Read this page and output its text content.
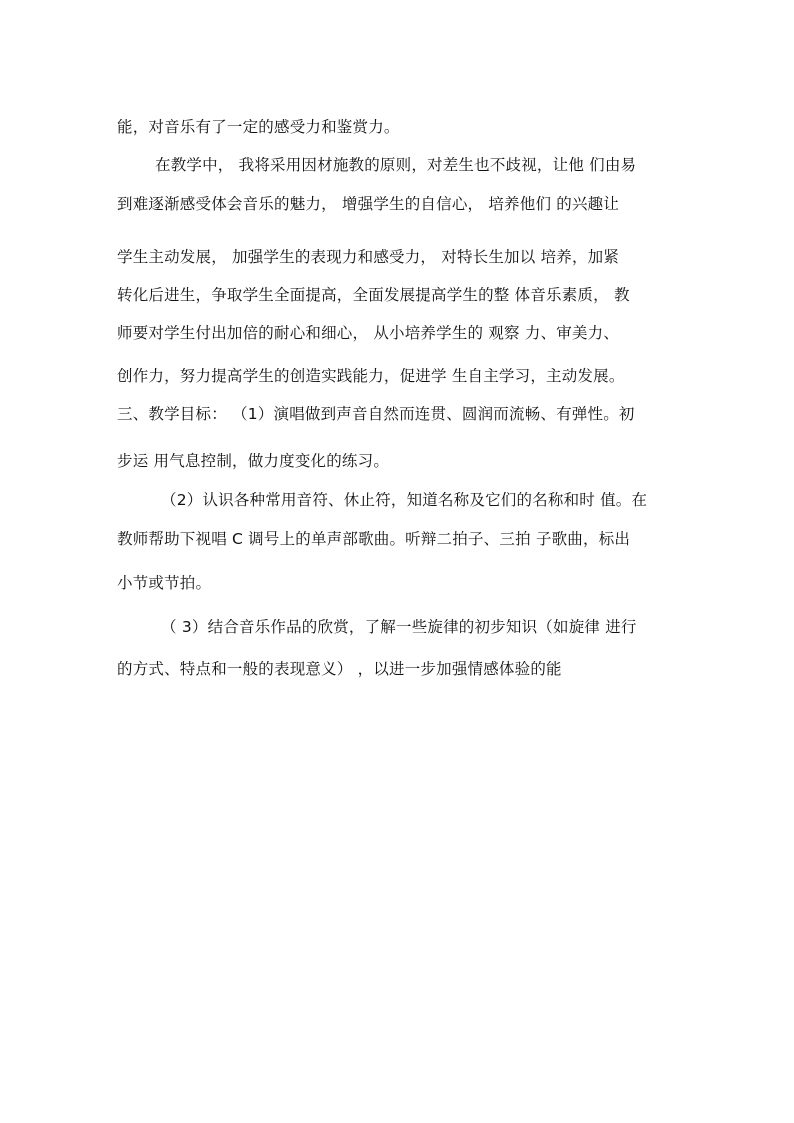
能，对音乐有了一定的感受力和鉴赏力。
在教学中， 我将采用因材施教的原则，对差生也不歧视，让他 们由易
到难逐渐感受体会音乐的魅力， 增强学生的自信心， 培养他们 的兴趣让
学生主动发展， 加强学生的表现力和感受力， 对特长生加以 培养，加紧
转化后进生，争取学生全面提高，全面发展提高学生的整 体音乐素质， 教
师要对学生付出加倍的耐心和细心， 从小培养学生的 观察 力、审美力、
创作力，努力提高学生的创造实践能力，促进学 生自主学习，主动发展。
三、教学目标： （1）演唱做到声音自然而连贯、圆润而流畅、有弹性。初
步运 用气息控制，做力度变化的练习。
（2）认识各种常用音符、休止符，知道名称及它们的名称和时 值。在
教师帮助下视唱 C 调号上的单声部歌曲。听辩二拍子、三拍 子歌曲，标出
小节或节拍。
（ 3）结合音乐作品的欣赏，了解一些旋律的初步知识（如旋律 进行
的方式、特点和一般的表现意义） ，以进一步加强情感体验的能
